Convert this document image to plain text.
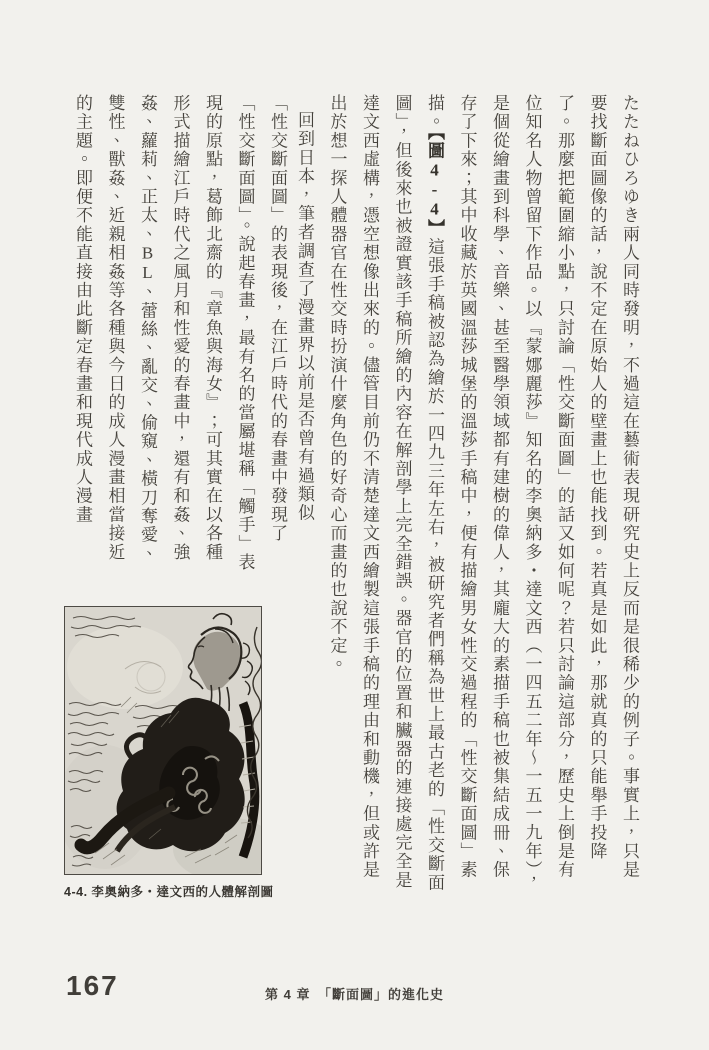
たたねひろゆき兩人同時發明，不過這在藝術表現研究史上反而是很稀少的例子。事實上，只是要找斷面圖像的話，說不定在原始人的壁畫上也能找到。若真是如此，那就真的只能舉手投降了。那麼把範圍縮小點，只討論「性交斷面圖」的話又如何呢？若只討論這部分，歷史上倒是有位知名人物曾留下作品。以『蒙娜麗莎』知名的李奧納多・達文西（一四五二年～一五一九年），是個從繪畫到科學、音樂、甚至醫學領域都有建樹的偉人，其龐大的素描手稿也被集結成冊、保存了下來；其中收藏於英國溫莎城堡的溫莎手稿中，便有描繪男女性交過程的「性交斷面圖」素描。【圖4-4】這張手稿被認為繪於一四九三年左右，被研究者們稱為世上最古老的「性交斷面圖」，但後來也被證實該手稿所繪的內容在解剖學上完全錯誤。器官的位置和臟器的連接處完全是達文西虛構，憑空想像出來的。儘管目前仍不清楚達文西繪製這張手稿的理由和動機，但或許是出於想一探人體器官在性交時扮演什麼角色的好奇心而畫的也說不定。

回到日本，筆者調查了漫畫界以前是否曾有過類似

「性交斷面圖」的表現後，在江戶時代的春畫中發現了「性交斷面圖」。說起春畫，最有名的當屬堪稱「觸手」表現的原點，葛飾北齋的『章魚與海女』；可其實在以各種形式描繪江戶時代之風月和性愛的春畫中，還有和姦、強姦、蘿莉、正太、BL、蕾絲、亂交、偷窺、橫刀奪愛、雙性、獸姦、近親相姦等各種與今日的成人漫畫相當接近的主題。即便不能直接由此斷定春畫和現代成人漫畫

4-4. 李奧納多・達文西的人體解剖圖
167	第 4 章　「斷面圖」的進化史
